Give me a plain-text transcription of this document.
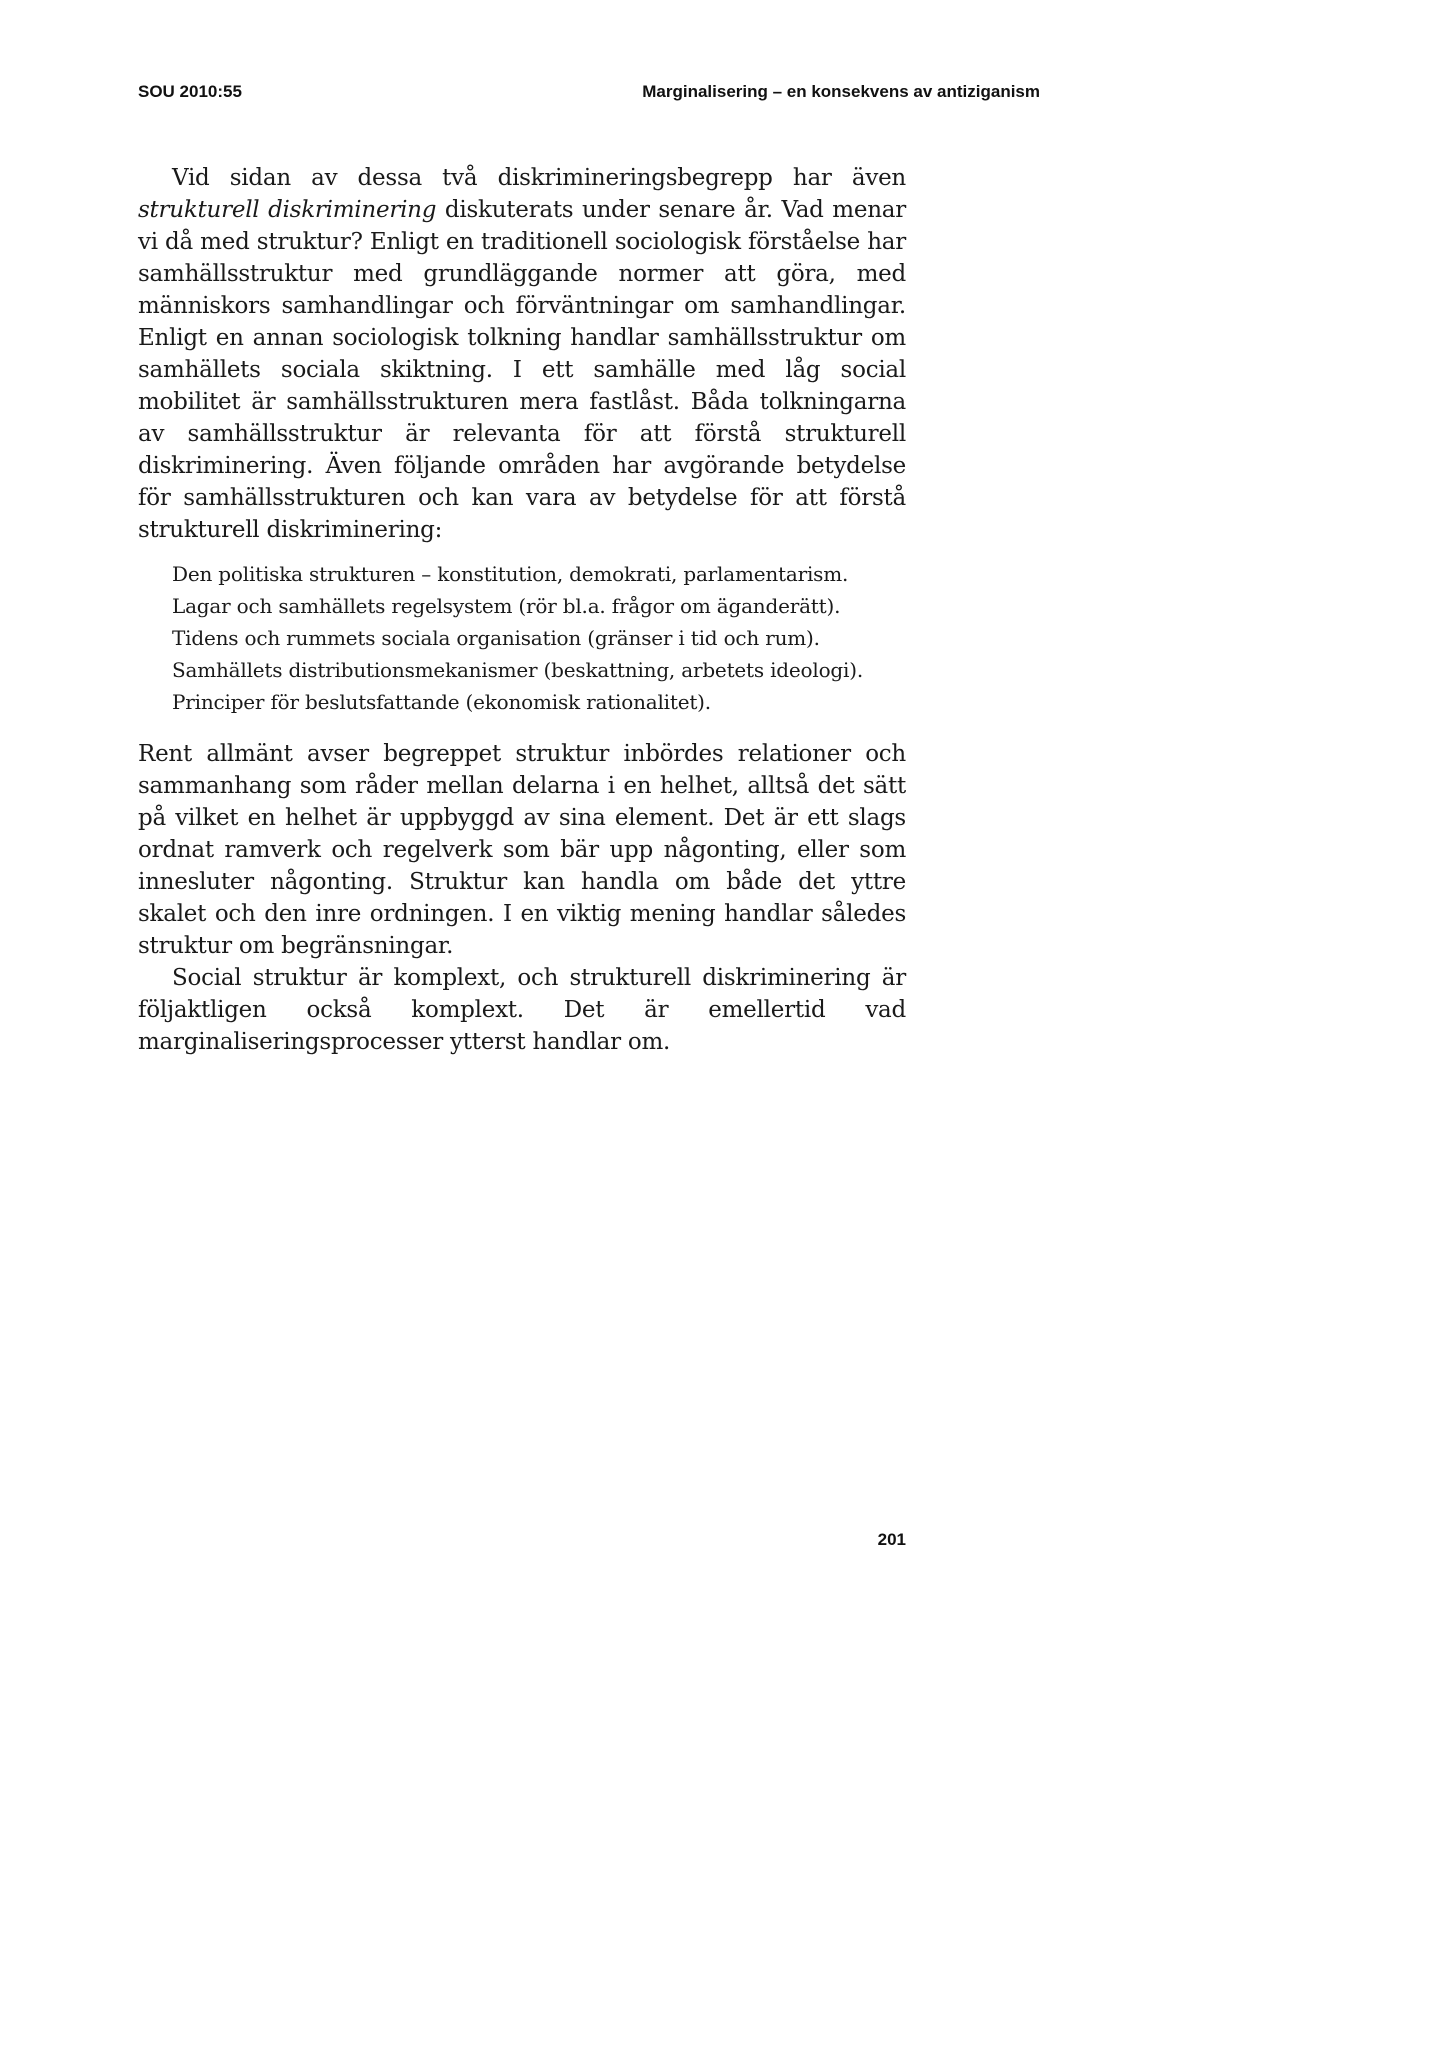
SOU 2010:55	Marginalisering – en konsekvens av antiziganism

Vid sidan av dessa två diskrimineringsbegrepp har även strukturell diskriminering diskuterats under senare år. Vad menar vi då med struktur? Enligt en traditionell sociologisk förståelse har samhällsstruktur med grundläggande normer att göra, med människors samhandlingar och förväntningar om samhandlingar. Enligt en annan sociologisk tolkning handlar samhällsstruktur om samhällets sociala skiktning. I ett samhälle med låg social mobilitet är samhällsstrukturen mera fastlåst. Båda tolkningarna av samhällsstruktur är relevanta för att förstå strukturell diskriminering. Även följande områden har avgörande betydelse för samhällsstrukturen och kan vara av betydelse för att förstå strukturell diskriminering:

Den politiska strukturen – konstitution, demokrati, parlamentarism.
Lagar och samhällets regelsystem (rör bl.a. frågor om äganderätt).
Tidens och rummets sociala organisation (gränser i tid och rum).
Samhällets distributionsmekanismer (beskattning, arbetets ideologi).
Principer för beslutsfattande (ekonomisk rationalitet).

Rent allmänt avser begreppet struktur inbördes relationer och sammanhang som råder mellan delarna i en helhet, alltså det sätt på vilket en helhet är uppbyggd av sina element. Det är ett slags ordnat ramverk och regelverk som bär upp någonting, eller som innesluter någonting. Struktur kan handla om både det yttre skalet och den inre ordningen. I en viktig mening handlar således struktur om begränsningar.

Social struktur är komplext, och strukturell diskriminering är följaktligen också komplext. Det är emellertid vad marginaliseringsprocesser ytterst handlar om.

201
